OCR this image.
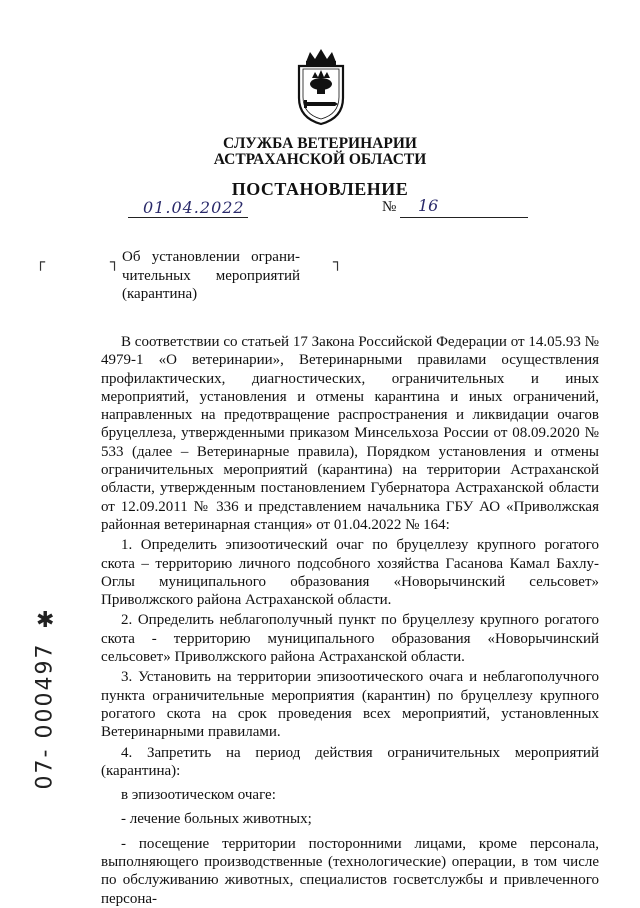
СЛУЖБА ВЕТЕРИНАРИИ
АСТРАХАНСКОЙ ОБЛАСТИ
ПОСТАНОВЛЕНИЕ
01.04.2022	№ 16
┌	┐	┐
Об установлении ограни-
чительных мероприятий
(карантина)

В соответствии со статьей 17 Закона Российской Федерации от 14.05.93 № 4979-1 «О ветеринарии», Ветеринарными правилами осуществления профилактических, диагностических, ограничительных и иных мероприятий, установления и отмены карантина и иных ограничений, направленных на предотвращение распространения и ликвидации очагов бруцеллеза, утвержденными приказом Минсельхоза России от 08.09.2020 № 533 (далее – Ветеринарные правила), Порядком установления и отмены ограничительных мероприятий (карантина) на территории Астраханской области, утвержденным постановлением Губернатора Астраханской области от 12.09.2011 № 336 и представлением начальника ГБУ АО «Приволжская районная ветеринарная станция» от 01.04.2022 № 164:

1. Определить эпизоотический очаг по бруцеллезу крупного рогатого скота – территорию личного подсобного хозяйства Гасанова Камал Бахлу-Оглы муниципального образования «Новорычинский сельсовет» Приволжского района Астраханской области.

2. Определить неблагополучный пункт по бруцеллезу крупного рогатого скота - территорию муниципального образования «Новорычинский сельсовет» Приволжского района Астраханской области.

3. Установить на территории эпизоотического очага и неблагополучного пункта ограничительные мероприятия (карантин) по бруцеллезу крупного рогатого скота на срок проведения всех мероприятий, установленных Ветеринарными правилами.

4. Запретить на период действия ограничительных мероприятий (карантина):

в эпизоотическом очаге:

- лечение больных животных;

- посещение территории посторонними лицами, кроме персонала, выполняющего производственные (технологические) операции, в том числе по обслуживанию животных, специалистов госветслужбы и привлеченного персона-

✱
07- 000497
